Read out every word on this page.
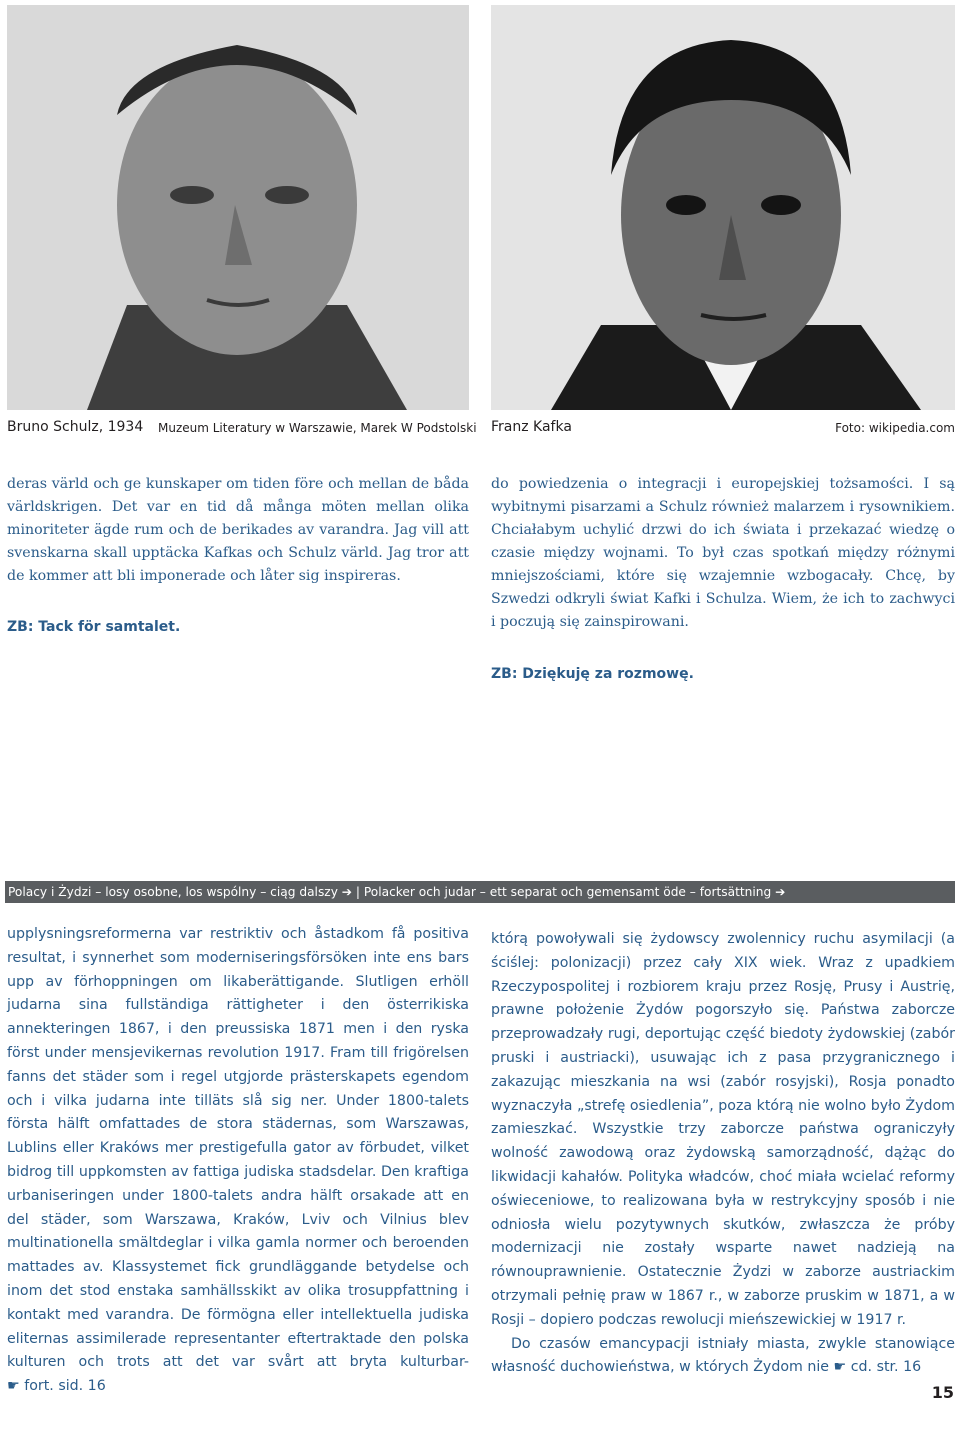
Bruno Schulz, 1934 Muzeum Literatury w Warszawie, Marek W Podstolski Franz Kafka	Foto: wikipedia.com

deras värld och ge kunskaper om tiden före och mellan de båda världskrigen. Det var en tid då många möten mellan olika minoriteter ägde rum och de berikades av varandra. Jag vill att svenskarna skall upptäcka Kafkas och Schulz värld. Jag tror att de kommer att bli imponerade och låter sig inspireras.

ZB: Tack för samtalet.

do powiedzenia o integracji i europejskiej tożsamości. I są wybitnymi pisarzami a Schulz również malarzem i rysownikiem. Chciałabym uchylić drzwi do ich świata i przekazać wiedzę o czasie między wojnami. To był czas spotkań między różnymi mniejszościami, które się wzajemnie wzbogacały. Chcę, by Szwedzi odkryli świat Kafki i Schulza. Wiem, że ich to zachwyci i poczują się zainspirowani.

ZB: Dziękuję za rozmowę.
Polacy i Żydzi – losy osobne, los wspólny – ciąg dalszy ➔ | Polacker och judar – ett separat och gemensamt öde – fortsättning ➔

upplysningsreformerna var restriktiv och åstadkom få positiva resultat, i synnerhet som moderniseringsförsöken inte ens bars upp av förhoppningen om likaberättigande. Slutligen erhöll judarna sina fullständiga rättigheter i den österrikiska annekteringen 1867, i den preussiska 1871 men i den ryska först under mensjevikernas revolution 1917. Fram till frigörelsen fanns det städer som i regel utgjorde prästerskapets egendom och i vilka judarna inte tilläts slå sig ner. Under 1800-talets första hälft omfattades de stora städernas, som Warszawas, Lublins eller Krakóws mer prestigefulla gator av förbudet, vilket bidrog till uppkomsten av fattiga judiska stadsdelar. Den kraftiga urbaniseringen under 1800-talets andra hälft orsakade att en del städer, som Warszawa, Kraków, Lviv och Vilnius blev multinationella smältdeglar i vilka gamla normer och beroenden mattades av. Klassystemet fick grundläggande betydelse och inom det stod enstaka samhällsskikt av olika trosuppfattning i kontakt med varandra. De förmögna eller intellektuella judiska eliternas assimilerade representanter eftertraktade den polska kulturen och trots att det var svårt att bryta kulturbar- ☛ fort. sid. 16

którą powoływali się żydowscy zwolennicy ruchu asymilacji (a ściślej: polonizacji) przez cały XIX wiek. Wraz z upadkiem Rzeczypospolitej i rozbiorem kraju przez Rosję, Prusy i Austrię, prawne położenie Żydów pogorszyło się. Państwa zaborcze przeprowadzały rugi, deportując część biedoty żydowskiej (zabór pruski i austriacki), usuwając ich z pasa przygranicznego i zakazując mieszkania na wsi (zabór rosyjski), Rosja ponadto wyznaczyła „strefę osiedlenia”, poza którą nie wolno było Żydom zamieszkać. Wszystkie trzy zaborcze państwa ograniczyły wolność zawodową oraz żydowską samorządność, dążąc do likwidacji kahałów. Polityka władców, choć miała wcielać reformy oświeceniowe, to realizowana była w restrykcyjny sposób i nie odniosła wielu pozytywnych skutków, zwłaszcza że próby modernizacji nie zostały wsparte nawet nadzieją na równouprawnienie. Ostatecznie Żydzi w zaborze austriackim otrzymali pełnię praw w 1867 r., w zaborze pruskim w 1871, a w Rosji – dopiero podczas rewolucji mieńszewickiej w 1917 r.

Do czasów emancypacji istniały miasta, zwykle stanowiące własność duchowieństwa, w których Żydom nie ☛ cd. str. 16

15
